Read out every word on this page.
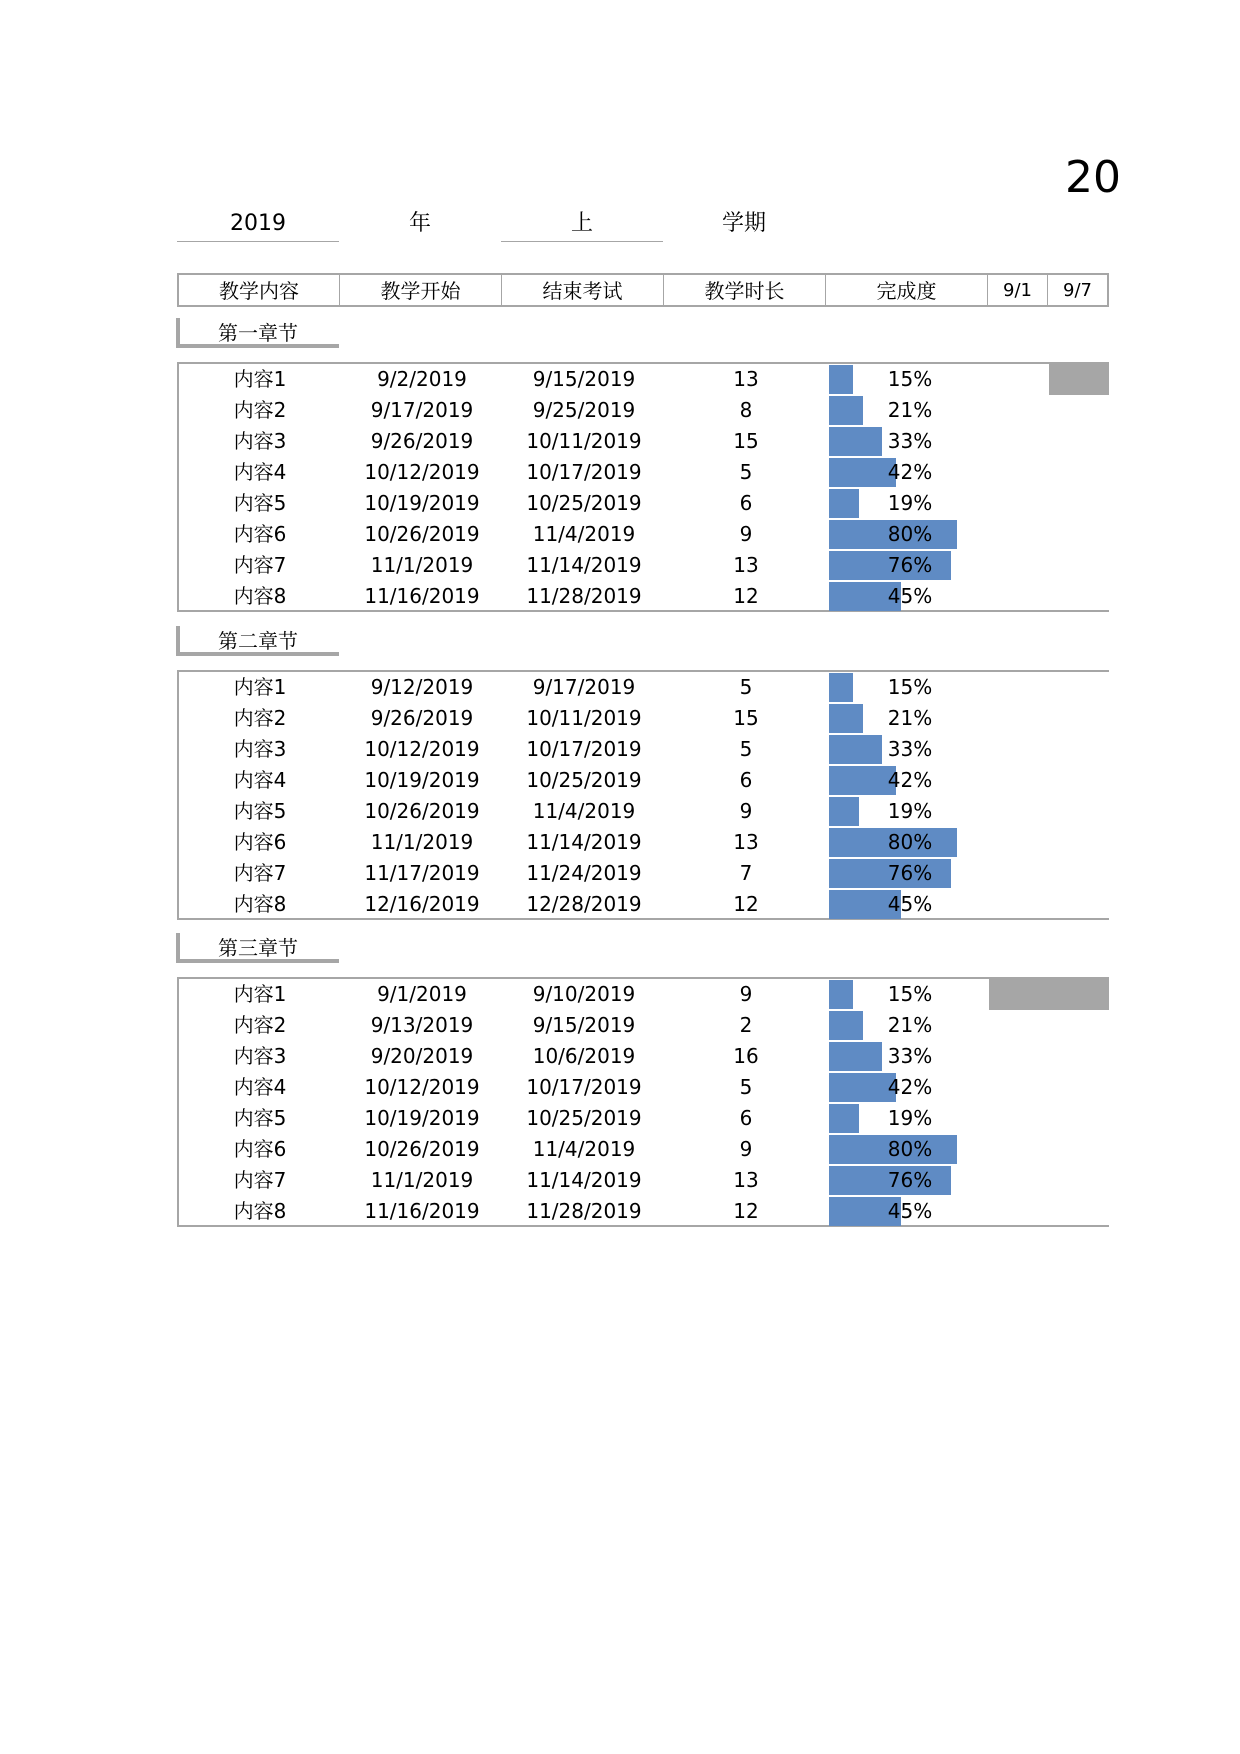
20
2019	年	上	学期
教学内容	教学开始	结束考试	教学时长	完成度	9/1	9/7
第一章节
内容1	9/2/2019	9/15/2019	13	15%
内容2	9/17/2019	9/25/2019	8	21%
内容3	9/26/2019	10/11/2019	15	33%
内容4	10/12/2019	10/17/2019	5	42%
内容5	10/19/2019	10/25/2019	6	19%
内容6	10/26/2019	11/4/2019	9	80%
内容7	11/1/2019	11/14/2019	13	76%
内容8	11/16/2019	11/28/2019	12	45%
第二章节
内容1	9/12/2019	9/17/2019	5	15%
内容2	9/26/2019	10/11/2019	15	21%
内容3	10/12/2019	10/17/2019	5	33%
内容4	10/19/2019	10/25/2019	6	42%
内容5	10/26/2019	11/4/2019	9	19%
内容6	11/1/2019	11/14/2019	13	80%
内容7	11/17/2019	11/24/2019	7	76%
内容8	12/16/2019	12/28/2019	12	45%
第三章节
内容1	9/1/2019	9/10/2019	9	15%
内容2	9/13/2019	9/15/2019	2	21%
内容3	9/20/2019	10/6/2019	16	33%
内容4	10/12/2019	10/17/2019	5	42%
内容5	10/19/2019	10/25/2019	6	19%
内容6	10/26/2019	11/4/2019	9	80%
内容7	11/1/2019	11/14/2019	13	76%
内容8	11/16/2019	11/28/2019	12	45%
